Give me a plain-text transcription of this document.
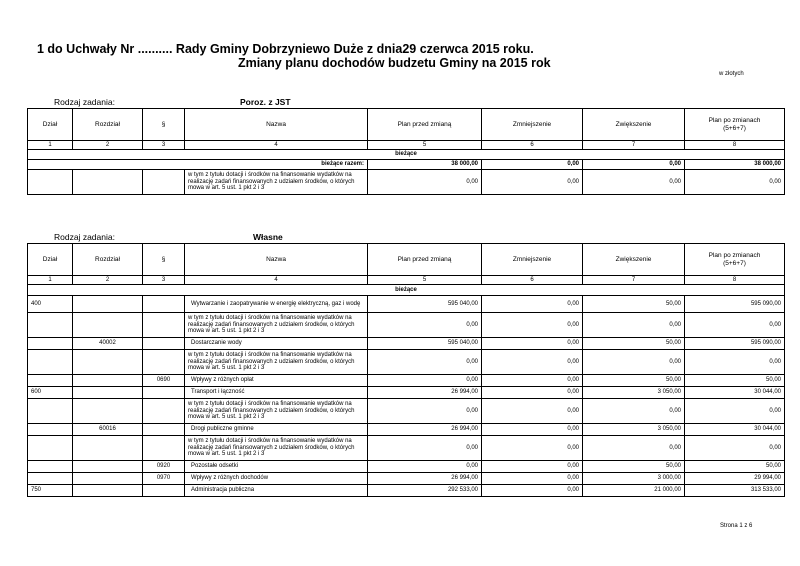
1 do Uchwały Nr .......... Rady Gminy Dobrzyniewo Duże z dnia29 czerwca 2015 roku.
Zmiany planu dochodów budzetu Gminy na 2015 rok
w złotych
Rodzaj zadania:	Poroz. z JST
Dział	Rozdział	§	Nazwa	Plan przed zmianą	Zmniejszenie	Zwiększenie	Plan po zmianach
(5+6+7)
1	2	3	4	5	6	7	8
bieżące							
bieżące razem:				38 000,00	0,00	0,00	38 000,00
			w tym z tytułu dotacji i środków na finansowanie wydatków na realizację zadań finansowanych z udziałem środków, o których mowa w art. 5 ust. 1 pkt 2 i 3	0,00	0,00	0,00	0,00
Rodzaj zadania:	Własne
Dział	Rozdział	§	Nazwa	Plan przed zmianą	Zmniejszenie	Zwiększenie	Plan po zmianach
(5+6+7)
1	2	3	4	5	6	7	8
bieżące							
400			Wytwarzanie i zaopatrywanie w energię elektryczną, gaz i wodę	595 040,00	0,00	50,00	595 090,00
			w tym z tytułu dotacji i środków na finansowanie wydatków na realizację zadań finansowanych z udziałem środków, o których mowa w art. 5 ust. 1 pkt 2 i 3	0,00	0,00	0,00	0,00
	40002		Dostarczanie wody	595 040,00	0,00	50,00	595 090,00
			w tym z tytułu dotacji i środków na finansowanie wydatków na realizację zadań finansowanych z udziałem środków, o których mowa w art. 5 ust. 1 pkt 2 i 3	0,00	0,00	0,00	0,00
		0690	Wpływy z różnych opłat	0,00	0,00	50,00	50,00
600			Transport i łączność	26 994,00	0,00	3 050,00	30 044,00
			w tym z tytułu dotacji i środków na finansowanie wydatków na realizację zadań finansowanych z udziałem środków, o których mowa w art. 5 ust. 1 pkt 2 i 3	0,00	0,00	0,00	0,00
	60016		Drogi publiczne gminne	26 994,00	0,00	3 050,00	30 044,00
			w tym z tytułu dotacji i środków na finansowanie wydatków na realizację zadań finansowanych z udziałem środków, o których mowa w art. 5 ust. 1 pkt 2 i 3	0,00	0,00	0,00	0,00
		0920	Pozostałe odsetki	0,00	0,00	50,00	50,00
		0970	Wpływy z różnych dochodów	26 994,00	0,00	3 000,00	29 994,00
750			Administracja publiczna	292 533,00	0,00	21 000,00	313 533,00
Strona 1 z 6
